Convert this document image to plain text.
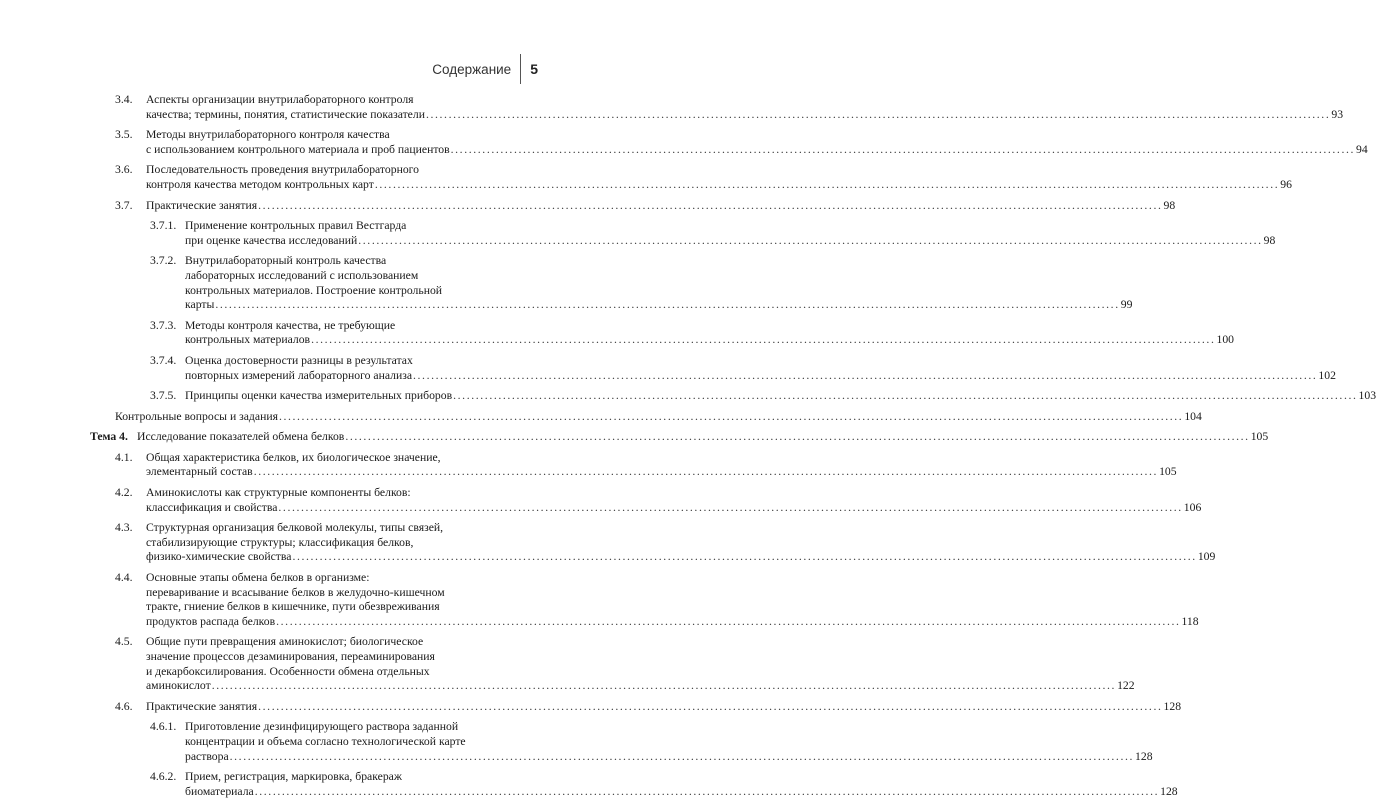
Содержание 5
3.4.	Аспекты организации внутрилабораторного контроля
качества; термины, понятия, статистические показатели ........................................................................................................................................................................................................ 93
3.5.	Методы внутрилабораторного контроля качества
с использованием контрольного материала и проб пациентов ........................................................................................................................................................................................................ 94
3.6.	Последовательность проведения внутрилабораторного
контроля качества методом контрольных карт ........................................................................................................................................................................................................ 96
3.7.	Практические занятия ........................................................................................................................................................................................................ 98
3.7.1. Применение контрольных правил Вестгарда
при оценке качества исследований ........................................................................................................................................................................................................ 98
3.7.2. Внутрилабораторный контроль качества
лабораторных исследований с использованием
контрольных материалов. Построение контрольной
карты ........................................................................................................................................................................................................ 99
3.7.3. Методы контроля качества, не требующие
контрольных материалов ........................................................................................................................................................................................................ 100
3.7.4. Оценка достоверности разницы в результатах
повторных измерений лабораторного анализа ........................................................................................................................................................................................................ 102
3.7.5. Принципы оценки качества измерительных приборов ........................................................................................................................................................................................................ 103
Контрольные вопросы и задания ........................................................................................................................................................................................................ 104
Тема 4. Исследование показателей обмена белков ........................................................................................................................................................................................................ 105
4.1.	Общая характеристика белков, их биологическое значение,
элементарный состав ........................................................................................................................................................................................................ 105
4.2.	Аминокислоты как структурные компоненты белков:
классификация и свойства ........................................................................................................................................................................................................ 106
4.3.	Структурная организация белковой молекулы, типы связей,
стабилизирующие структуры; классификация белков,
физико-химические свойства ........................................................................................................................................................................................................ 109
4.4.	Основные этапы обмена белков в организме:
переваривание и всасывание белков в желудочно-кишечном
тракте, гниение белков в кишечнике, пути обезвреживания
продуктов распада белков ........................................................................................................................................................................................................ 118
4.5.	Общие пути превращения аминокислот; биологическое
значение процессов дезаминирования, переаминирования
и декарбоксилирования. Особенности обмена отдельных
аминокислот ........................................................................................................................................................................................................ 122
4.6.	Практические занятия ........................................................................................................................................................................................................ 128
4.6.1. Приготовление дезинфицирующего раствора заданной
концентрации и объема согласно технологической карте
раствора ........................................................................................................................................................................................................ 128
4.6.2. Прием, регистрация, маркировка, бракераж
биоматериала ........................................................................................................................................................................................................ 128
